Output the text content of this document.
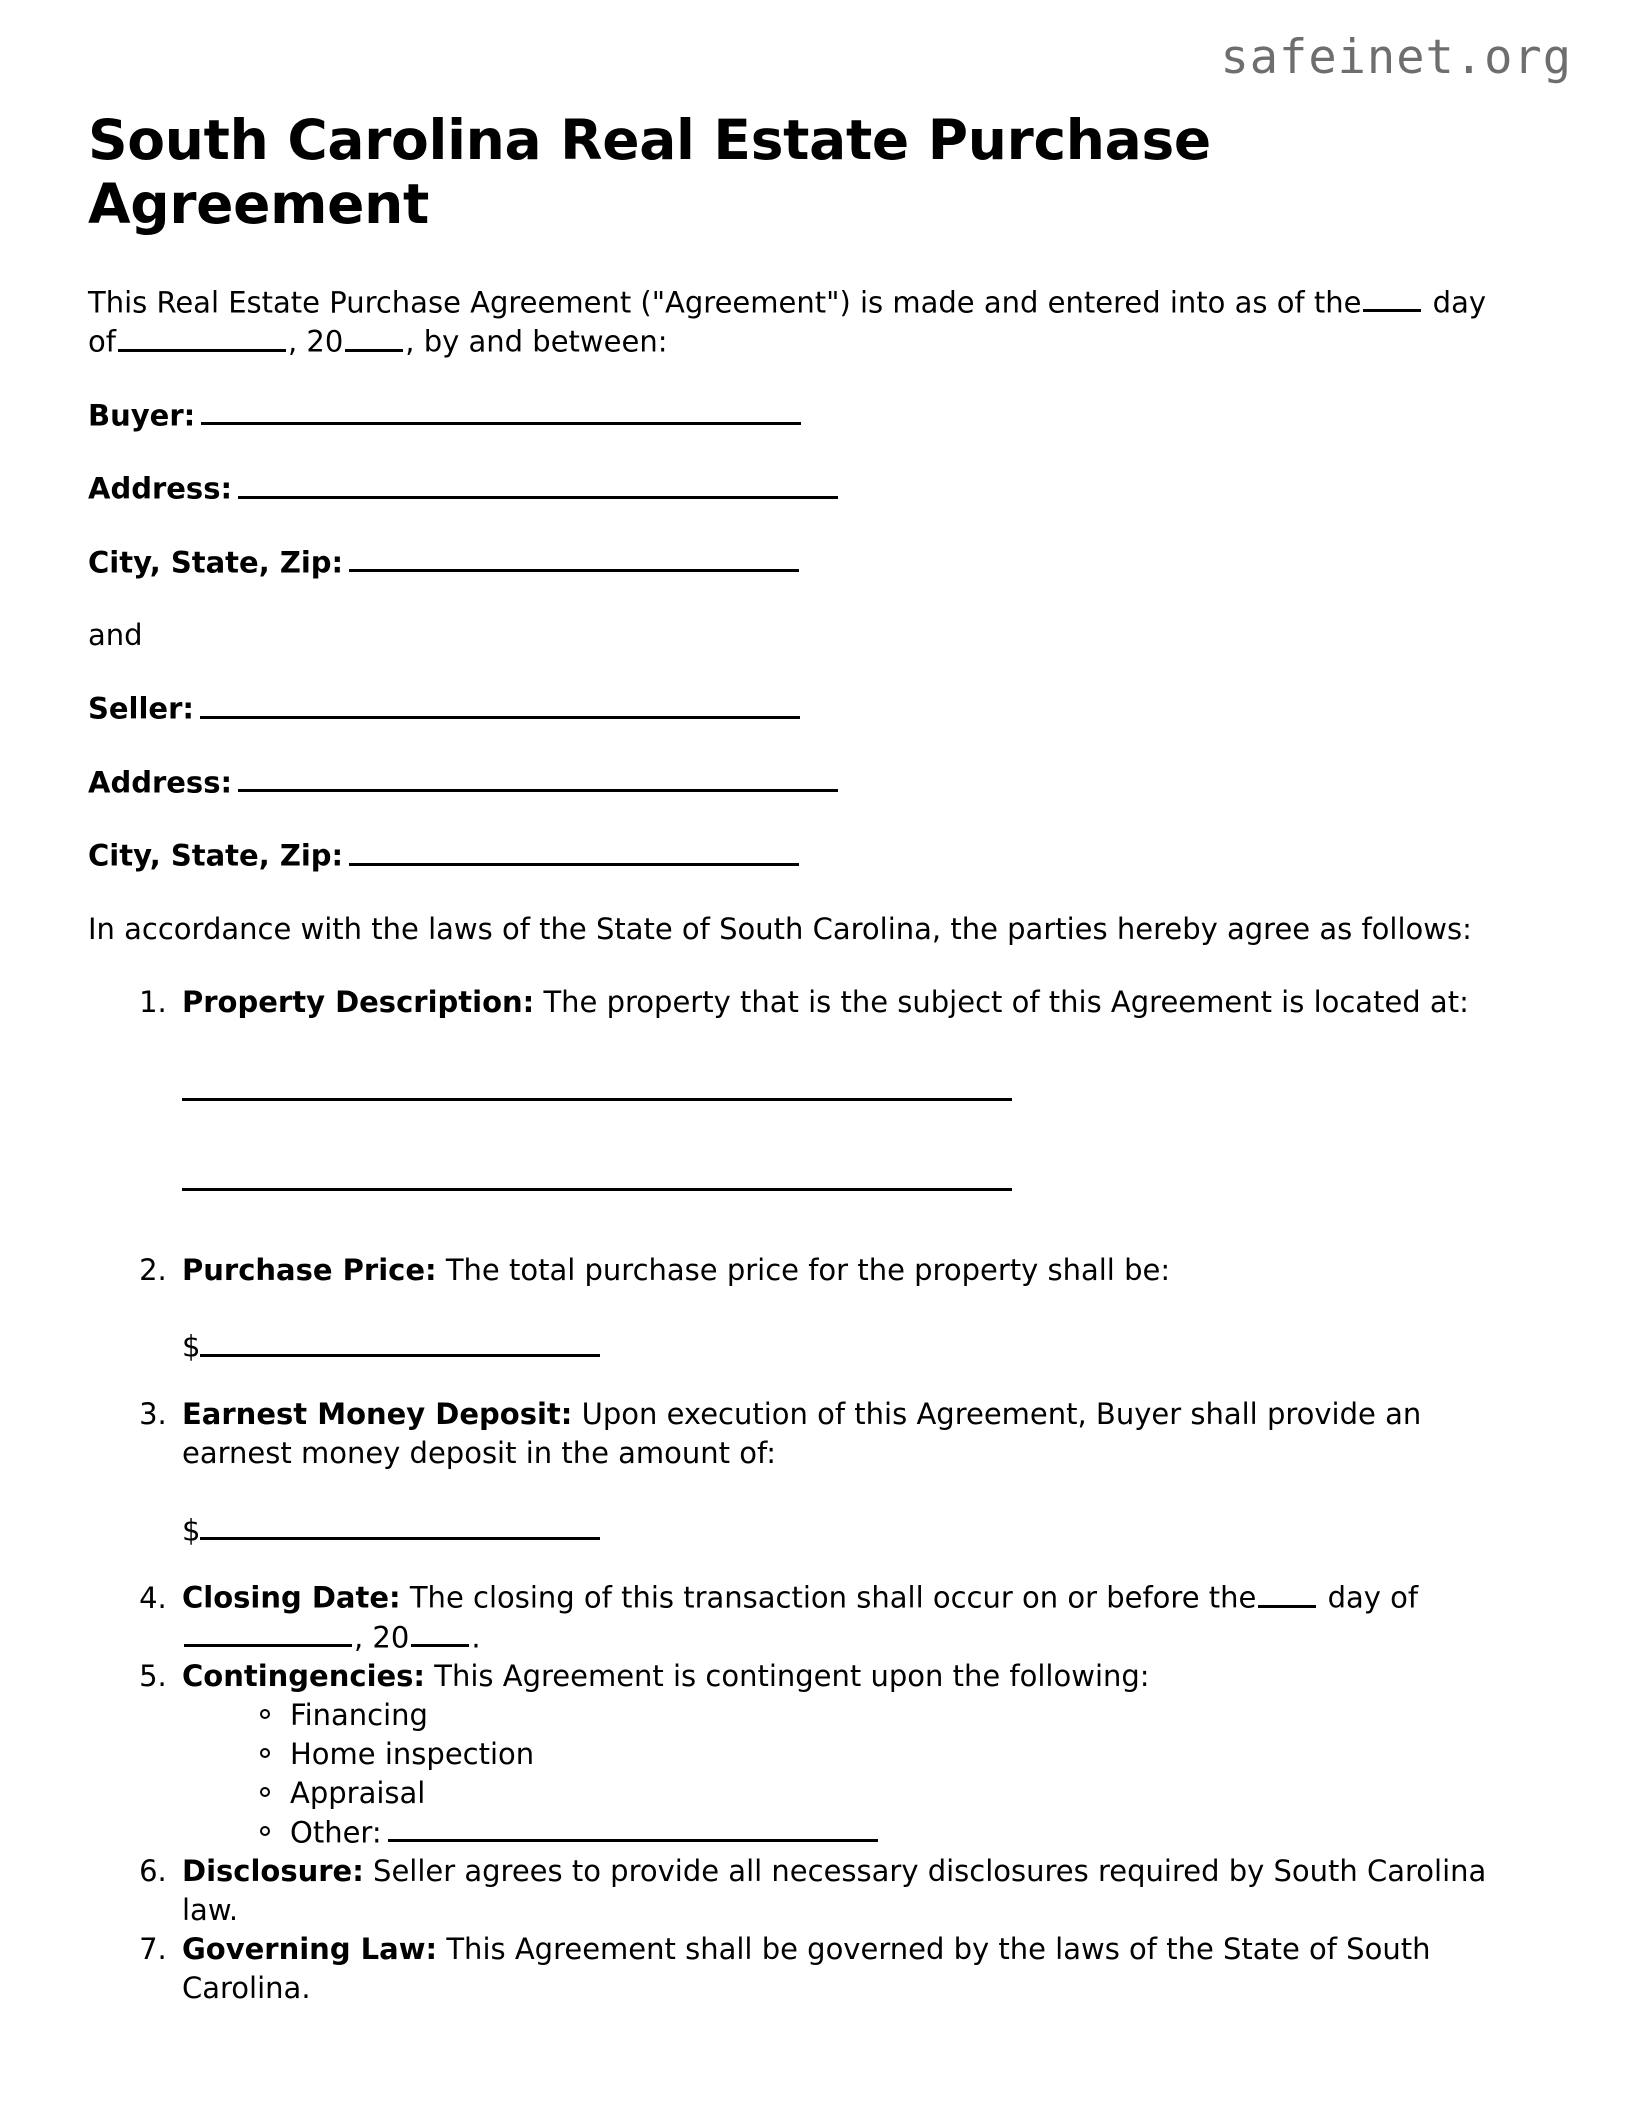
safeinet.org
South Carolina Real Estate Purchase Agreement

This Real Estate Purchase Agreement ("Agreement") is made and entered into as of the day of	, 20 , by and between:

Buyer:
Address:
City, State, Zip:
and
Seller:
Address:
City, State, Zip:

In accordance with the laws of the State of South Carolina, the parties hereby agree as follows:

1. Property Description: The property that is the subject of this Agreement is located at:
2. Purchase Price: The total purchase price for the property shall be:
$
3. Earnest Money Deposit: Upon execution of this Agreement, Buyer shall provide an earnest money deposit in the amount of:
$
4. Closing Date: The closing of this transaction shall occur on or before the day of, 20 .
5. Contingencies: This Agreement is contingent upon the following:
Financing
Home inspection
Appraisal
Other:
6. Disclosure: Seller agrees to provide all necessary disclosures required by South Carolina law.
7. Governing Law: This Agreement shall be governed by the laws of the State of South Carolina.
